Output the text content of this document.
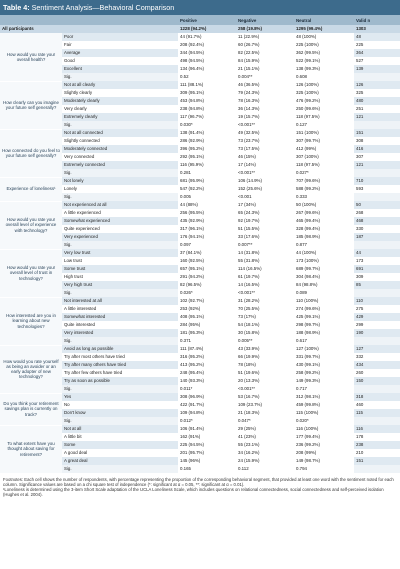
Table 4: Sentiment Analysis—Behavioral Comparison
		Positive	Negative	Neutral	Valid n
All participants		1228 (94.2%)	258 (19.8%)	1295 (99.4%)	1303
How would you rate your overall health?	Poor	44 (91.7%)	11 (22.9%)	48 (100%)	48
	Fair	208 (92.4%)	60 (26.7%)	225 (100%)	225
	Average	344 (94.5%)	82 (22.5%)	362 (99.5%)	364
	Good	498 (94.5%)	84 (15.9%)	522 (99.1%)	527
	Excellent	134 (96.4%)	21 (15.1%)	138 (99.3%)	139
	Sig.	0.52	0.004**	0.608	
How clearly can you imagine your future self generally?	Not at all clearly	111 (88.1%)	46 (36.5%)	126 (100%)	126
	Slightly clearly	309 (95.1%)	79 (24.3%)	325 (100%)	325
	Moderately clearly	453 (94.8%)	78 (16.3%)	476 (99.2%)	480
	Very clearly	238 (94.8%)	36 (14.3%)	250 (99.6%)	251
	Extremely clearly	117 (96.7%)	19 (15.7%)	118 (97.5%)	121
	Sig.	0.030*	<0.001**	0.127	
How connected do you feel to your future self generally?	Not at all connected	138 (91.4%)	49 (32.5%)	151 (100%)	151
	Slightly connected	286 (92.9%)	73 (23.7%)	307 (99.7%)	308
	Moderately connected	396 (95.2%)	73 (17.5%)	412 (99%)	416
	Very connected	292 (95.1%)	46 (15%)	307 (100%)	307
	Extremely connected	116 (95.9%)	17 (14%)	118 (97.5%)	121
	Sig.	0.281	<0.001**	0.027*	
Experience of loneliness¹	Not lonely	681 (95.9%)	106 (14.9%)	707 (99.6%)	710
	Lonely	547 (92.2%)	152 (25.6%)	588 (99.2%)	593
	Sig.	0.005	<0.001	0.333	
How would you rate your overall level of experience with technology?	Not experienced at all	44 (88%)	17 (34%)	50 (100%)	50
	A little experienced	256 (95.5%)	65 (24.3%)	267 (99.6%)	268
	Somewhat experienced	435 (92.9%)	92 (19.7%)	465 (99.4%)	468
	Quite experienced	317 (96.1%)	51 (15.5%)	328 (99.4%)	330
	Very experienced	176 (94.1%)	33 (17.6%)	185 (98.9%)	187
	Sig.	0.097	0.007**	0.877	
How would you rate your overall level of trust in technology?	Very low trust	37 (84.1%)	14 (31.8%)	44 (100%)	44
	Low trust	160 (92.5%)	55 (31.8%)	173 (100%)	173
	Some trust	657 (95.1%)	114 (16.5%)	689 (99.7%)	691
	High trust	291 (94.2%)	61 (19.7%)	304 (98.4%)	309
	Very high trust	82 (96.5%)	14 (16.5%)	84 (98.8%)	85
	Sig.	0.026*	<0.001**	0.089	
How interested are you in learning about new technologies?	Not interested at all	102 (92.7%)	31 (28.2%)	110 (100%)	110
	A little interested	253 (92%)	70 (25.5%)	274 (99.6%)	275
	Somewhat interested	408 (95.1%)	73 (17%)	425 (99.1%)	429
	Quite interested	284 (95%)	54 (18.1%)	298 (99.7%)	299
	Very interested	181 (95.3%)	30 (15.8%)	188 (98.9%)	190
	Sig.	0.371	0.005**	0.617	
How would you rate yourself as being an avoider or an early adopter of new technology?	Avoid as long as possible	111 (87.4%)	43 (33.9%)	127 (100%)	127
	Try after most others have tried	316 (95.2%)	66 (19.9%)	331 (99.7%)	332
	Try after many others have tried	413 (95.2%)	78 (18%)	430 (99.1%)	434
	Try after few others have tried	248 (95.4%)	51 (19.6%)	258 (99.2%)	260
	Try as soon as possible	140 (93.3%)	20 (13.3%)	149 (99.3%)	150
	Sig.	0.011*	<0.001**	0.717	
Do you think your retirement savings plan is currently on track?	Yes	308 (96.9%)	53 (16.7%)	312 (98.1%)	318
	No	422 (91.7%)	109 (23.7%)	459 (99.8%)	460
	Don't know	109 (94.8%)	21 (18.3%)	115 (100%)	115
	Sig.	0.012*	0.047*	0.020*	
To what extent have you thought about saving for retirement?	Not at all	106 (91.4%)	29 (25%)	116 (100%)	116
	A little bit	162 (91%)	41 (23%)	177 (99.4%)	178
	Some	225 (94.5%)	55 (23.1%)	236 (99.2%)	238
	A good deal	201 (95.7%)	34 (16.2%)	208 (99%)	210
	A great deal	145 (96%)	24 (15.9%)	149 (98.7%)	151
	Sig.	0.165	0.112	0.794	
Footnotes: Each cell shows the number of respondents, with percentage representing the proportion of the corresponding behavioral segment, that provided at least one word with the sentiment noted for each column. Significance values are based on a chi square test of independence (*: significant at α = 0.05, **: significant at α = 0.01).
¹Loneliness is determined using the 3-item Short Scale adaptation of the UCLA Loneliness Scale, which includes questions on relational connectedness, social connectedness and self-perceived isolation (Hughes et al. 2004).
